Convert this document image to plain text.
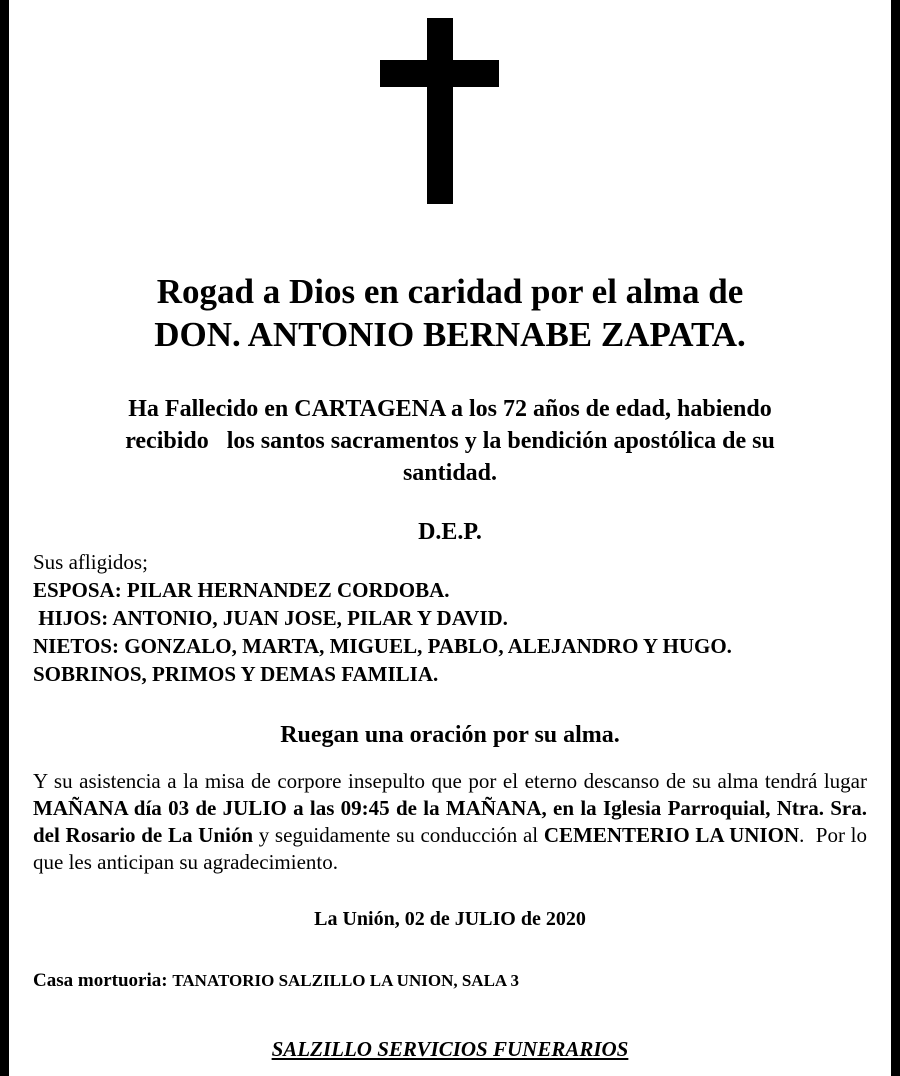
Rogad a Dios en caridad por el alma de
DON. ANTONIO BERNABE ZAPATA.
Ha Fallecido en CARTAGENA a los 72 años de edad, habiendo
recibido   los santos sacramentos y la bendición apostólica de su
santidad.
D.E.P.
Sus afligidos;
ESPOSA: PILAR HERNANDEZ CORDOBA.
HIJOS: ANTONIO, JUAN JOSE, PILAR Y DAVID.
NIETOS: GONZALO, MARTA, MIGUEL, PABLO, ALEJANDRO Y HUGO.
SOBRINOS, PRIMOS Y DEMAS FAMILIA.
Ruegan una oración por su alma.
Y su asistencia a la misa de corpore insepulto que por el eterno descanso de su alma tendrá lugar MAÑANA día 03 de JULIO a las 09:45 de la MAÑANA, en la Iglesia Parroquial, Ntra. Sra. del Rosario de La Unión y seguidamente su conducción al CEMENTERIO LA UNION.  Por lo que les anticipan su agradecimiento.
La Unión, 02 de JULIO de 2020
Casa mortuoria: TANATORIO SALZILLO LA UNION, SALA 3
SALZILLO SERVICIOS FUNERARIOS
